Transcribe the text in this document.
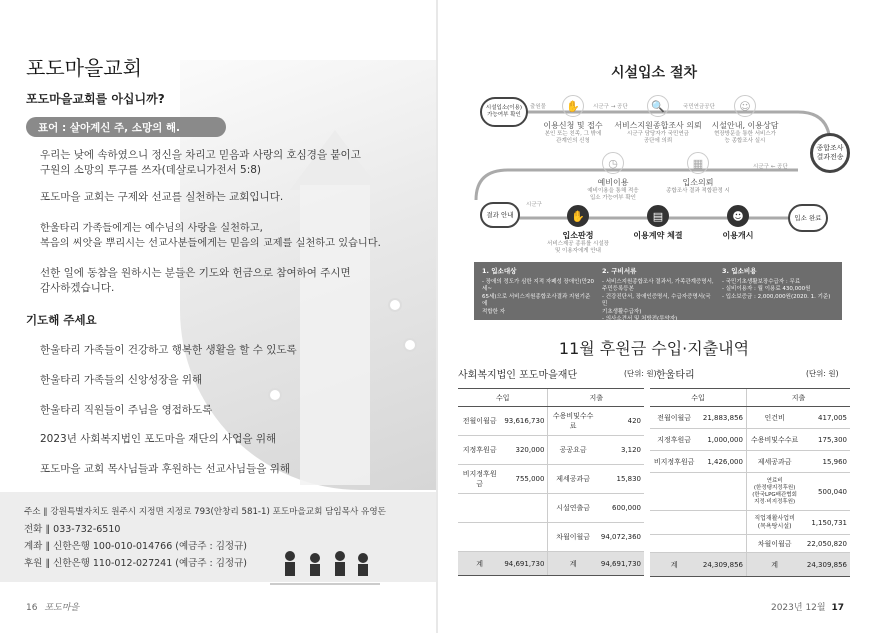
포도마을교회
포도마을교회를 아십니까?
표어 : 살아계신 주, 소망의 해.
우리는 낮에 속하였으니 정신을 차리고 믿음과 사랑의 호심경을 붙이고
구원의 소망의 투구를 쓰자(데살로니가전서 5:8)
포도마을 교회는 구제와 선교를 실천하는 교회입니다.
한울타리 가족들에게는 예수님의 사랑을 실천하고,
복음의 씨앗을 뿌리시는 선교사분들에게는 믿음의 교제를 실천하고 있습니다.
선한 일에 동참을 원하시는 분들은 기도와 헌금으로 참여하여 주시면
감사하겠습니다.
기도해 주세요
한울타리 가족들이 건강하고 행복한 생활을 할 수 있도록
한울타리 가족들의 신앙성장을 위해
한울타리 직원들이 주님을 영접하도록
2023년 사회복지법인 포도마을 재단의 사업을 위해
포도마을 교회 목사님들과 후원하는 선교사님들을 위해
주소 ∥ 강원특별자치도 원주시 지정면 지정로 793(안창리 581-1) 포도마을교회 담임목사 유영돈
전화 ∥ 033-732-6510
계좌 ∥ 신한은행 100-010-014766 (예금주 : 김정규)
후원 ∥ 신한은행 110-012-027241 (예금주 : 김정규)
16 포도마을
시설입소 절차
시설입소(이용)
가능여부 확인
종합조사
결과전송
결과 안내	입소 완료
출원물	시군구 → 공단	국민연금공단
시군구 ← 공단
시군구
✋
이용신청 및 접수
본인 또는 친족, 그 밖에
관계인의 신청
🔍
서비스지원종합조사 의뢰
시군구 담당자가 국민연금
공단에 의뢰
☺
시설안내, 이용상담
현장방문을 통한 서비스가
능 종합조사 실시
▦
입소의뢰
종합조사 결과 적합판정 시
◷
예비이용
예비이용을 통해 적응
입소 가능여부 확인
✋
입소판정
서비스제공 종류를 시설장
및 이용자에게 안내
▤
이용계약 체결
☻
이용개시
1. 입소대상
- 장애의 정도가 심한 지적 자폐성 장애인(만20세~
65세)으로 서비스지원종합조사결과 지원기준에
적합한 자
2. 구비서류
- 서비스지원종합조사 결과서, 가족관계증명서,
주민등록등본
- 건강진단서, 장애인증명서, 수급자증명서(국민
기초생활수급자)
- 의사소견서 및 처방전(투약자)
3. 입소비용
- 국민기초생활보장수급자 : 무료
- 실비이용자 : 월 이용료 430,000원
- 입소보증금 : 2,000,000원(2020. 1. 기준)
11월 후원금 수입·지출내역
사회복지법인 포도마을재단	(단위: 원) 한울타리	(단위: 원)
수입		지출	
전월이월금	93,616,730	수용비및수수료	420
지정후원금	320,000	공공요금	3,120
비지정후원금	755,000	제세공과금	15,830
		시설연출금	600,000
		차월이월금	94,072,360
계	94,691,730	계	94,691,730
수입		지출	
전월이월금	21,883,856	인건비	417,005
지정후원금	1,000,000	수용비및수수료	175,300
비지정후원금	1,426,000	제세공과금	15,960
		연료비
(한정탱지정후원)
(한국LPG배관협회
지정·비지정후원)	500,040
		직업재활사업비
(목욕탕시설)	1,150,731
		차월이월금	22,050,820
계	24,309,856	계	24,309,856
2023년 12월 17
